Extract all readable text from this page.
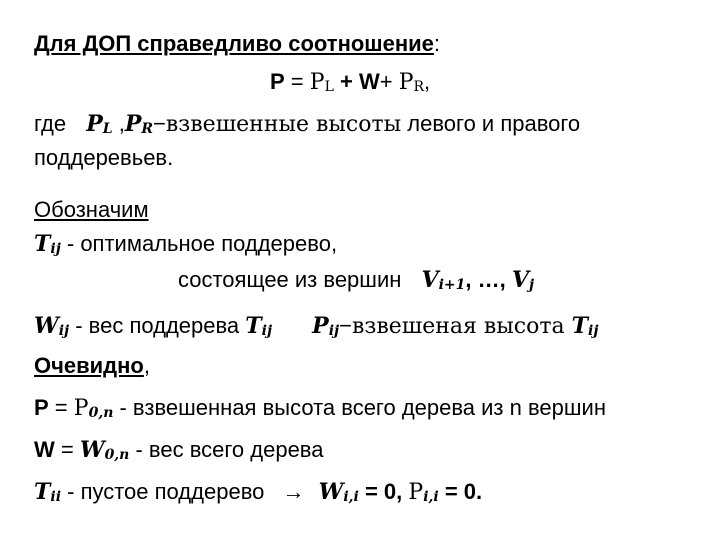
Для ДОП справедливо соотношение:
$P = P_L + W+ P_R$,
где $P_L$ $,P_R-взвешенные$ высоты левого и правого
поддеревьев.
Обозначим
$T_{ij}$ - оптимальное поддерево,
состоящее из вершин $V_{i+1}$, …, $V_j$
$W_{ij}$ - вес поддерева $T_{ij}$ $P_{ij}-взвешеная$ высота $T_{ij}$
Очевидно,
$P = P_{0,n}$ - взвешенная высота всего дерева из n вершин
$W = W_{0,n}$ - вес всего дерева
$T_{ii}$ - пустое поддерево → $W_{i,i} = 0$, $P_{i,i} = 0$.
